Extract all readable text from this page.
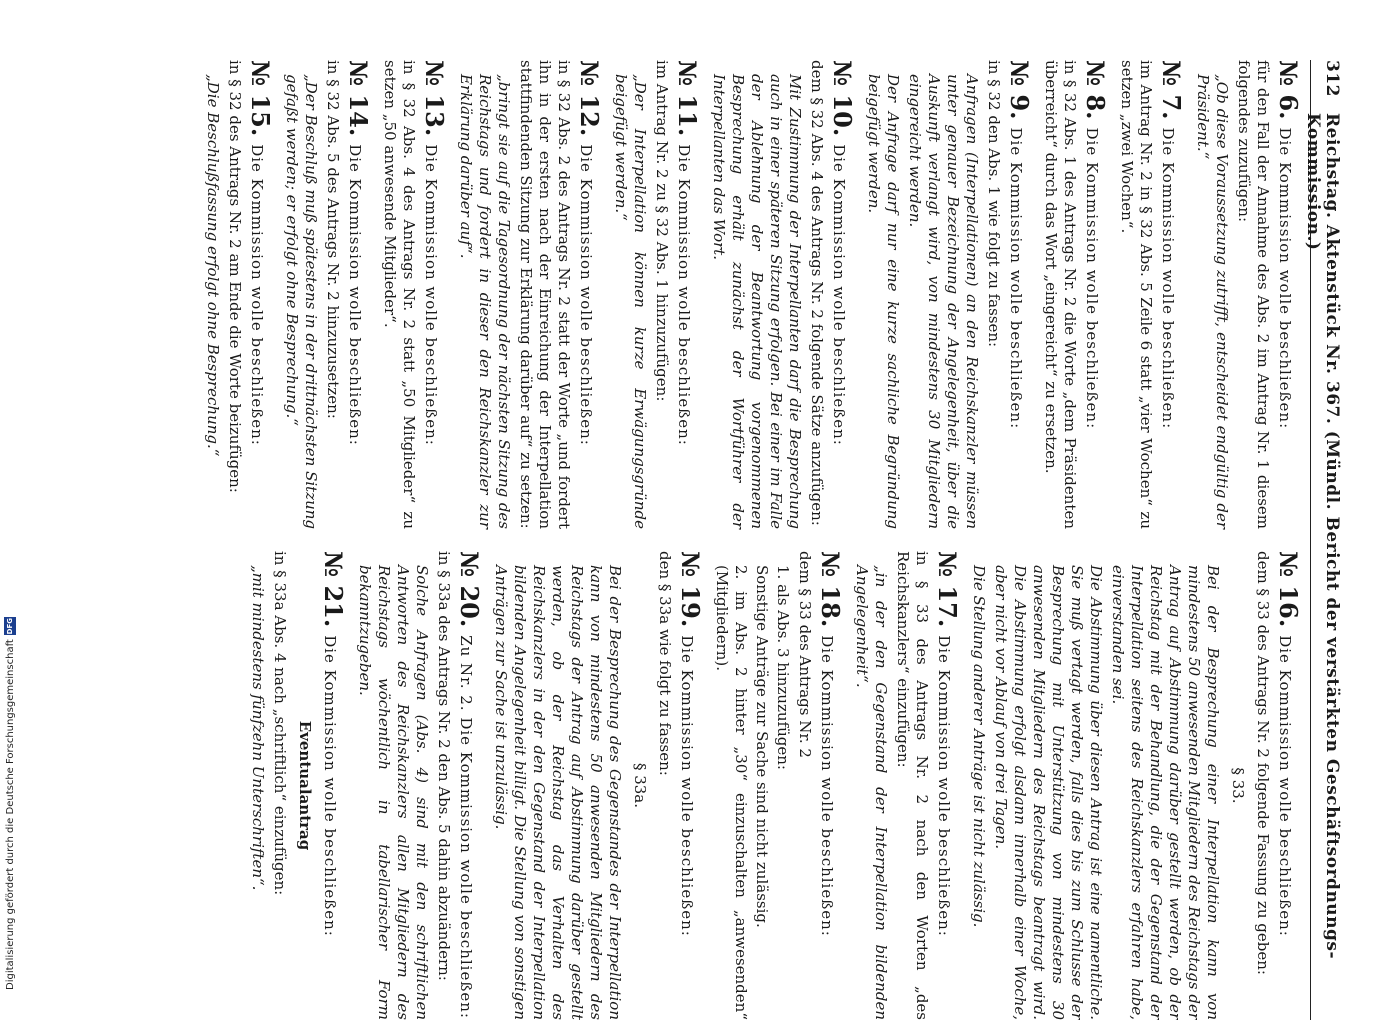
312
Reichstag. Aktenstück Nr. 367. (Mündl. Bericht der verstärkten Geschäftsordnungs-Kommission.)
№ 6.Die Kommission wolle beschließen:
für den Fall der Annahme des Abs. 2 im Antrag Nr. 1 diesem folgendes zuzufügen:
„Ob diese Voraussetzung zutrifft, entscheidet endgültig der Präsident.“
№ 7.Die Kommission wolle beschließen:
im Antrag Nr. 2 in § 32 Abs. 5 Zeile 6 statt „vier Wochen“ zu setzen „zwei Wochen“.
№ 8.Die Kommission wolle beschließen:
in § 32 Abs. 1 des Antrags Nr. 2 die Worte „dem Präsidenten überreicht“ durch das Wort „eingereicht“ zu ersetzen.
№ 9.Die Kommission wolle beschließen:
in § 32 den Abs. 1 wie folgt zu fassen:
Anfragen (Interpellationen) an den Reichskanzler müssen unter genauer Bezeichnung der Angelegenheit, über die Auskunft verlangt wird, von mindestens 30 Mitgliedern eingereicht werden.
Der Anfrage darf nur eine kurze sachliche Begründung beigefügt werden.
№ 10.Die Kommission wolle beschließen:
dem § 32 Abs. 4 des Antrags Nr. 2 folgende Sätze anzufügen:
Mit Zustimmung der Interpellanten darf die Besprechung auch in einer späteren Sitzung erfolgen. Bei einer im Falle der Ablehnung der Beantwortung vorgenommenen Besprechung erhält zunächst der Wortführer der Interpellanten das Wort.
№ 11.Die Kommission wolle beschließen:
im Antrag Nr. 2 zu § 32 Abs. 1 hinzuzufügen:
„Der Interpellation können kurze Erwägungsgründe beigefügt werden.“
№ 12.Die Kommission wolle beschließen:
in § 32 Abs. 2 des Antrags Nr. 2 statt der Worte „und fordert ihn in der ersten nach der Einreichung der Interpellation stattfindenden Sitzung zur Erklärung darüber auf“ zu setzen:
„bringt sie auf die Tagesordnung der nächsten Sitzung des Reichstags und fordert in dieser den Reichskanzler zur Erklärung darüber auf“.
№ 13.Die Kommission wolle beschließen:
in § 32 Abs. 4 des Antrags Nr. 2 statt „50 Mitglieder“ zu setzen „50 anwesende Mitglieder“.
№ 14.Die Kommission wolle beschließen:
in § 32 Abs. 5 des Antrags Nr. 2 hinzuzusetzen:
„Der Beschluß muß spätestens in der drittnächsten Sitzung gefaßt werden; er erfolgt ohne Besprechung.“
№ 15.Die Kommission wolle beschließen:
in § 32 des Antrags Nr. 2 am Ende die Worte beizufügen:
„Die Beschlußfassung erfolgt ohne Besprechung.“
№ 16.Die Kommission wolle beschließen:
dem § 33 des Antrags Nr. 2 folgende Fassung zu geben:
§ 33.
Bei der Besprechung einer Interpellation kann von mindestens 50 anwesenden Mitgliedern des Reichstags der Antrag auf Abstimmung darüber gestellt werden, ob der Reichstag mit der Behandlung, die der Gegenstand der Interpellation seitens des Reichskanzlers erfahren habe, einverstanden sei.
Die Abstimmung über diesen Antrag ist eine namentliche. Sie muß vertagt werden, falls dies bis zum Schlusse der Besprechung mit Unterstützung von mindestens 30 anwesenden Mitgliedern des Reichstags beantragt wird. Die Abstimmung erfolgt alsdann innerhalb einer Woche, aber nicht vor Ablauf von drei Tagen.
Die Stellung anderer Anträge ist nicht zulässig.
№ 17.Die Kommission wolle beschließen:
in § 33 des Antrags Nr. 2 nach den Worten „des Reichskanzlers“ einzufügen:
„in der den Gegenstand der Interpellation bildenden Angelegenheit“.
№ 18.Die Kommission wolle beschließen:
dem § 33 des Antrags Nr. 2
1. als Abs. 3 hinzuzufügen:
Sonstige Anträge zur Sache sind nicht zulässig.
2. im Abs. 2 hinter „30“ einzuschalten „anwesenden“ (Mitgliedern).
№ 19.Die Kommission wolle beschließen:
den § 33a wie folgt zu fassen:
§ 33a.
Bei der Besprechung des Gegenstandes der Interpellation kann von mindestens 50 anwesenden Mitgliedern des Reichstags der Antrag auf Abstimmung darüber gestellt werden, ob der Reichstag das Verhalten des Reichskanzlers in der den Gegenstand der Interpellation bildenden Angelegenheit billigt. Die Stellung von sonstigen Anträgen zur Sache ist unzulässig.
№ 20.Zu Nr. 2. Die Kommission wolle beschließen:
in § 33a des Antrags Nr. 2 den Abs. 5 dahin abzuändern:
Solche Anfragen (Abs. 4) sind mit den schriftlichen Antworten des Reichskanzlers allen Mitgliedern des Reichstags wöchentlich in tabellarischer Form bekanntzugeben.
№ 21.Die Kommission wolle beschließen:
Eventualantrag
in § 33a Abs. 4 nach „schriftlich“ einzufügen:
„mit mindestens fünfzehn Unterschriften“.
Digitalisierung gefördert durch die Deutsche Forschungsgemeinschaft
DFG
